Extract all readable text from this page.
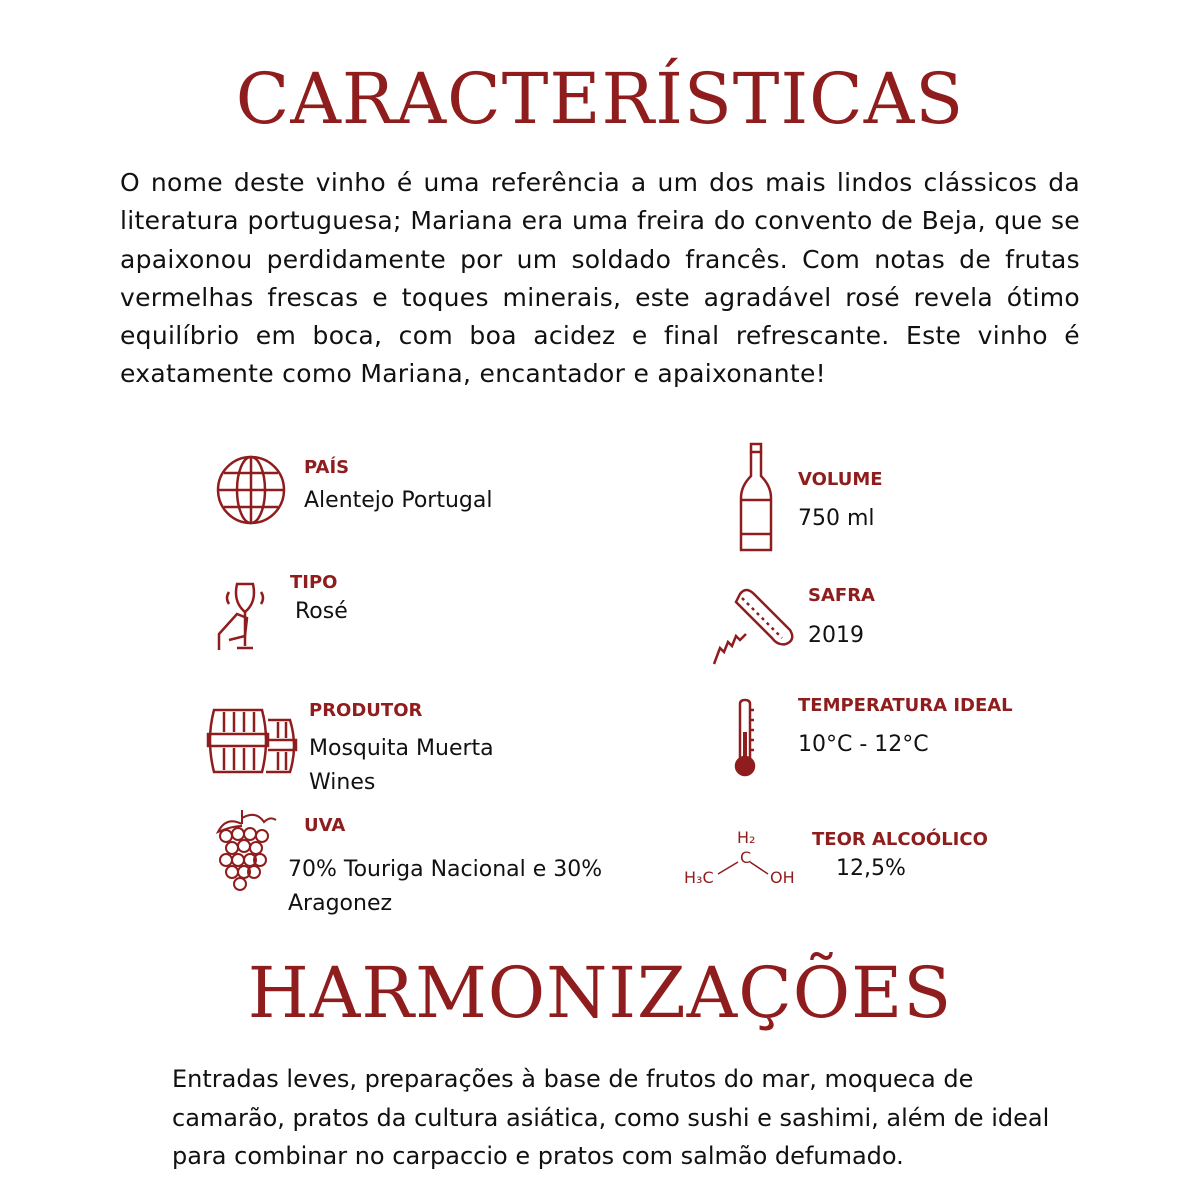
CARACTERÍSTICAS

O nome deste vinho é uma referência a um dos mais lindos clássicos da literatura portuguesa; Mariana era uma freira do convento de Beja, que se apaixonou perdidamente por um soldado francês. Com notas de frutas vermelhas frescas e toques minerais, este agradável rosé revela ótimo equilíbrio em boca, com boa acidez e final refrescante. Este vinho é exatamente como Mariana, encantador e apaixonante!

PAÍS
Alentejo Portugal
VOLUME
750 ml
TIPO
Rosé
SAFRA
2019
PRODUTOR
Mosquita Muerta
Wines
TEMPERATURA IDEAL
10°C - 12°C
UVA
70% Touriga Nacional e 30%
Aragonez
H₂
C
H₃C	OH
TEOR ALCOÓLICO
12,5%
HARMONIZAÇÕES

Entradas leves, preparações à base de frutos do mar, moqueca de camarão, pratos da cultura asiática, como sushi e sashimi, além de ideal para combinar no carpaccio e pratos com salmão defumado.
